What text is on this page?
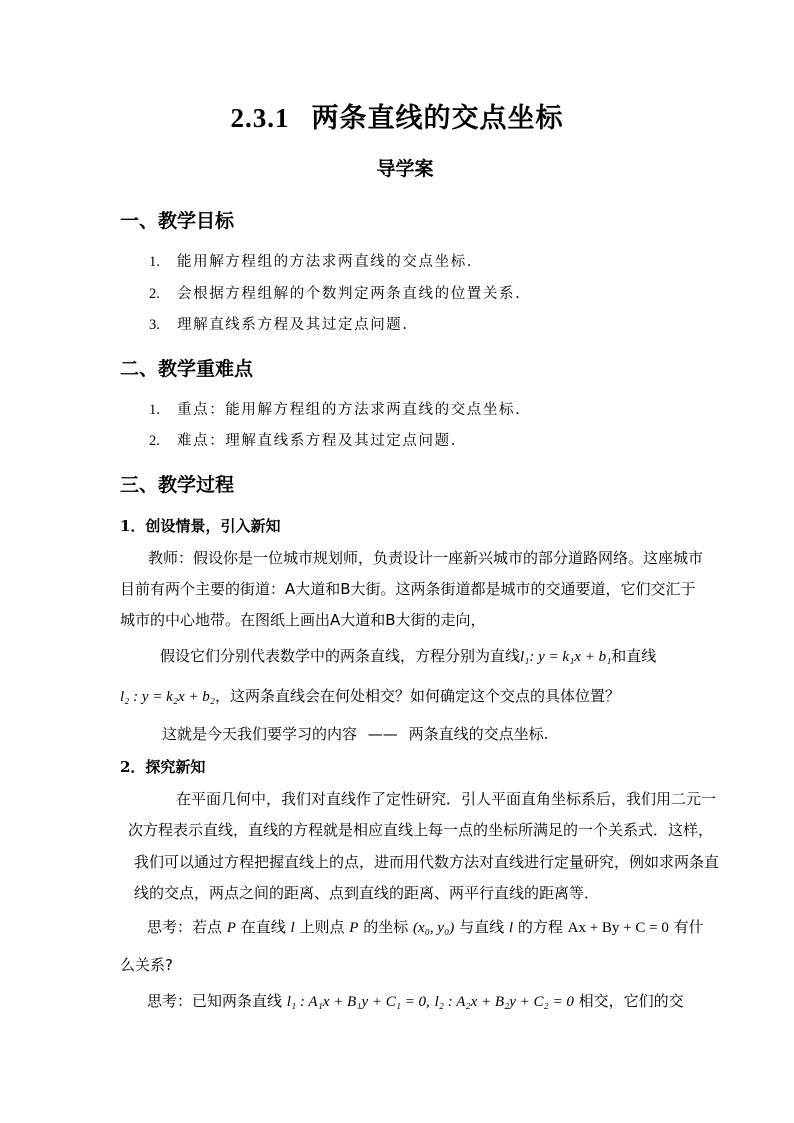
2.3.1 两条直线的交点坐标
导学案
一、教学目标
1. 能用解方程组的方法求两直线的交点坐标.
2. 会根据方程组解的个数判定两条直线的位置关系.
3. 理解直线系方程及其过定点问题.
二、教学重难点
1. 重点：能用解方程组的方法求两直线的交点坐标.
2. 难点：理解直线系方程及其过定点问题.
三、教学过程
1．创设情景，引入新知
教师：假设你是一位城市规划师，负责设计一座新兴城市的部分道路网络。这座城市
目前有两个主要的街道：A大道和B大街。这两条街道都是城市的交通要道，它们交汇于
城市的中心地带。在图纸上画出A大道和B大街的走向，
假设它们分别代表数学中的两条直线，方程分别为直线l₁: y = k₁x + b₁和直线
l₂ : y = k₂x + b₂，这两条直线会在何处相交？如何确定这个交点的具体位置？
这就是今天我们要学习的内容 —— 两条直线的交点坐标.
2．探究新知
在平面几何中，我们对直线作了定性研究．引人平面直角坐标系后，我们用二元一
次方程表示直线，直线的方程就是相应直线上每一点的坐标所满足的一个关系式．这样，
我们可以通过方程把握直线上的点，进而用代数方法对直线进行定量研究，例如求两条直
线的交点，两点之间的距离、点到直线的距离、两平行直线的距离等．
思考：若点 P 在直线 l 上则点 P 的坐标 (x₀, y₀) 与直线 l 的方程 Ax + By + C = 0 有什
么关系?
思考：已知两条直线 l₁ : A₁x + B₁y + C₁ = 0, l₂ : A₂x + B₂y + C₂ = 0 相交，它们的交
